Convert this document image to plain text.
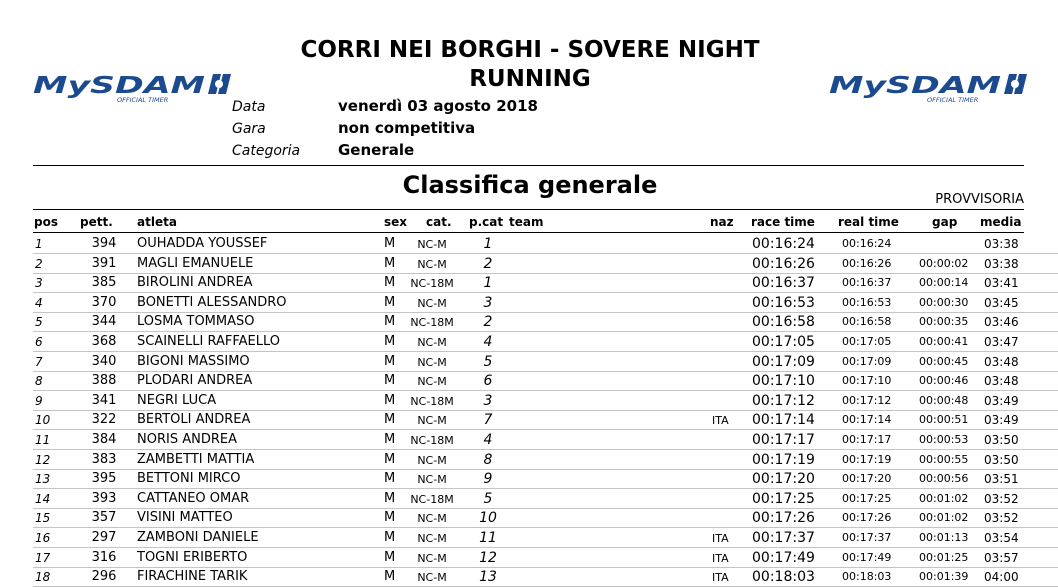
MySDAM
OFFICIAL TIMER
MySDAM
OFFICIAL TIMER
CORRI NEI BORGHI - SOVERE NIGHT
RUNNING
Data	venerdì 03 agosto 2018
Gara	non competitiva
Categoria	Generale
Classifica generale
PROVVISORIA
pos pett. atleta	sex cat. p.cat team	naz race time real time	gap media
1	394	OUHADDA YOUSSEF	M	NC-M	1	00:16:24 00:16:24	03:38
2	391	MAGLI EMANUELE	M	NC-M	2	00:16:26 00:16:26	00:00:02 03:38
3	385	BIROLINI ANDREA	M	NC-18M	1	00:16:37 00:16:37	00:00:14 03:41
4	370	BONETTI ALESSANDRO	M	NC-M	3	00:16:53 00:16:53	00:00:30 03:45
5	344	LOSMA TOMMASO	M	NC-18M	2	00:16:58 00:16:58	00:00:35 03:46
6	368	SCAINELLI RAFFAELLO	M	NC-M	4	00:17:05 00:17:05	00:00:41 03:47
7	340	BIGONI MASSIMO	M	NC-M	5	00:17:09 00:17:09	00:00:45 03:48
8	388	PLODARI ANDREA	M	NC-M	6	00:17:10 00:17:10	00:00:46 03:48
9	341	NEGRI LUCA	M	NC-18M	3	00:17:12 00:17:12	00:00:48 03:49
10	322	BERTOLI ANDREA	M	NC-M	7	ITA 00:17:14 00:17:14	00:00:51 03:49
11	384	NORIS ANDREA	M	NC-18M	4	00:17:17 00:17:17	00:00:53 03:50
12	383	ZAMBETTI MATTIA	M	NC-M	8	00:17:19 00:17:19	00:00:55 03:50
13	395	BETTONI MIRCO	M	NC-M	9	00:17:20 00:17:20	00:00:56 03:51
14	393	CATTANEO OMAR	M	NC-18M	5	00:17:25 00:17:25	00:01:02 03:52
15	357	VISINI MATTEO	M	NC-M	10	00:17:26 00:17:26	00:01:02 03:52
16	297	ZAMBONI DANIELE	M	NC-M	11	ITA 00:17:37 00:17:37	00:01:13 03:54
17	316	TOGNI ERIBERTO	M	NC-M	12	ITA 00:17:49 00:17:49	00:01:25 03:57
18	296	FIRACHINE TARIK	M	NC-M	13	ITA 00:18:03 00:18:03	00:01:39 04:00
